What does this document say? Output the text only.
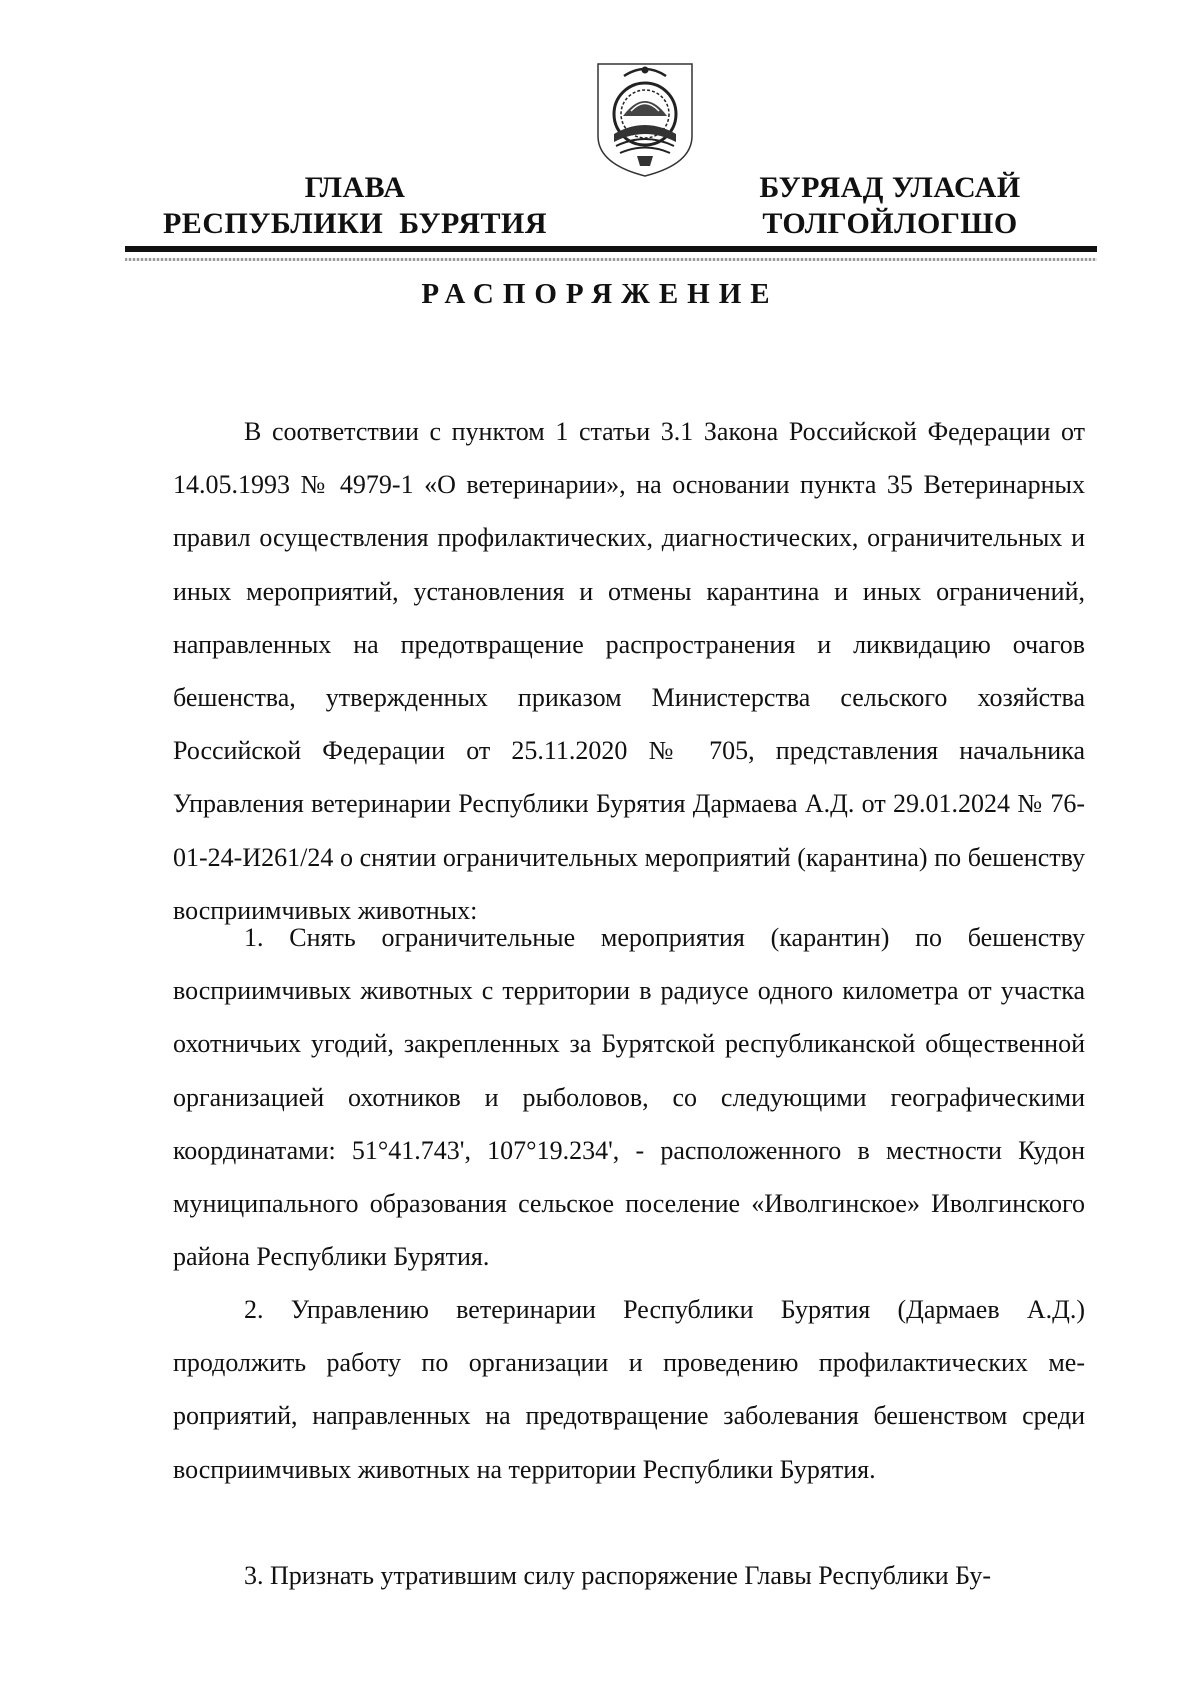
ГЛАВА
РЕСПУБЛИКИ  БУРЯТИЯ
БУРЯАД УЛАСАЙ
ТОЛГОЙЛОГШО
РАСПОРЯЖЕНИЕ

В соответствии с пунктом 1 статьи 3.1 Закона Российской Федерации от 14.05.1993 № 4979-1 «О ветеринарии», на основании пункта 35 Ветеринарных правил осуществления профилактических, диагностических, ограничительных и иных мероприятий, установления и отмены карантина и иных ограничений, направленных на предотвращение распространения и ликвидацию очагов бешенства, утвержденных приказом Министерства сельского хозяйства Российской Федерации от 25.11.2020 № 705, представления начальника Управления ветеринарии Республики Бурятия Дармаева А.Д. от 29.01.2024 № 76-01-24-И261/24 о снятии ограничительных мероприятий (карантина) по бешенству восприимчивых животных:

1. Снять ограничительные мероприятия (карантин) по бешенству восприимчивых животных с территории в радиусе одного километра от участка охотничьих угодий, закрепленных за Бурятской республиканской общественной организацией охотников и рыболовов, со следующими географическими координатами: 51°41.743', 107°19.234', - расположенного в местности Кудон муниципального образования сельское поселение «Иволгинское» Иволгинского района Республики Бурятия.

2. Управлению ветеринарии Республики Бурятия (Дармаев А.Д.) продолжить работу по организации и проведению профилактических мероприятий, направленных на предотвращение заболевания бешенством среди восприимчивых животных на территории Республики Бурятия.

3. Признать утратившим силу распоряжение Главы Республики Бу-
